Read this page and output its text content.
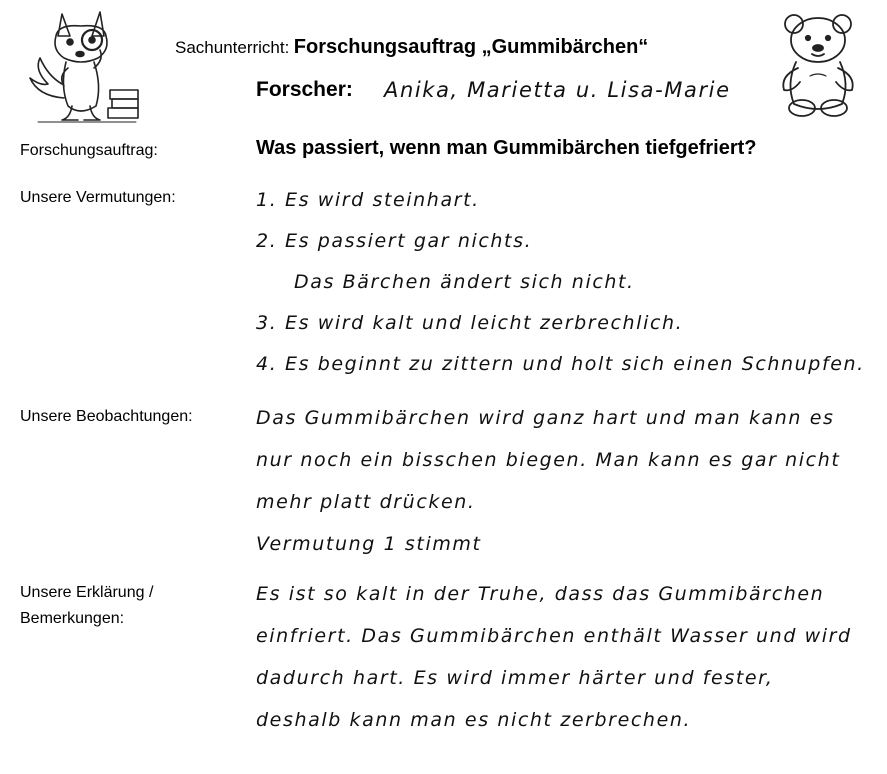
Sachunterricht: Forschungsauftrag „Gummibärchen“
Forscher: Anika, Marietta u. Lisa-Marie
Forschungsauftrag:	Was passiert, wenn man Gummibärchen tiefgefriert?
Unsere Vermutungen:	1. Es wird steinhart.
2. Es passiert gar nichts.
Das Bärchen ändert sich nicht.
3. Es wird kalt und leicht zerbrechlich.
4. Es beginnt zu zittern und holt sich einen Schnupfen.
Unsere Beobachtungen:	Das Gummibärchen wird ganz hart und man kann es
nur noch ein bisschen biegen. Man kann es gar nicht
mehr platt drücken.
Vermutung 1 stimmt
Unsere Erklärung /
Bemerkungen:
Es ist so kalt in der Truhe, dass das Gummibärchen
einfriert. Das Gummibärchen enthält Wasser und wird
dadurch hart. Es wird immer härter und fester,
deshalb kann man es nicht zerbrechen.
